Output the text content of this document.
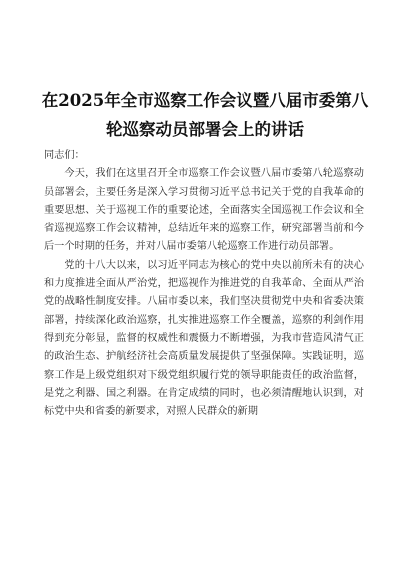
在2025年全市巡察工作会议暨八届市委第八轮巡察动员部署会上的讲话

同志们：

今天，我们在这里召开全市巡察工作会议暨八届市委第八轮巡察动员部署会，主要任务是深入学习贯彻习近平总书记关于党的自我革命的重要思想、关于巡视工作的重要论述，全面落实全国巡视工作会议和全省巡视巡察工作会议精神，总结近年来的巡察工作，研究部署当前和今后一个时期的任务，并对八届市委第八轮巡察工作进行动员部署。

党的十八大以来，以习近平同志为核心的党中央以前所未有的决心和力度推进全面从严治党，把巡视作为推进党的自我革命、全面从严治党的战略性制度安排。八届市委以来，我们坚决贯彻党中央和省委决策部署，持续深化政治巡察，扎实推进巡察工作全覆盖，巡察的利剑作用得到充分彰显，监督的权威性和震慑力不断增强，为我市营造风清气正的政治生态、护航经济社会高质量发展提供了坚强保障。实践证明，巡察工作是上级党组织对下级党组织履行党的领导职能责任的政治监督，是党之利器、国之利器。在肯定成绩的同时，也必须清醒地认识到，对标党中央和省委的新要求，对照人民群众的新期
